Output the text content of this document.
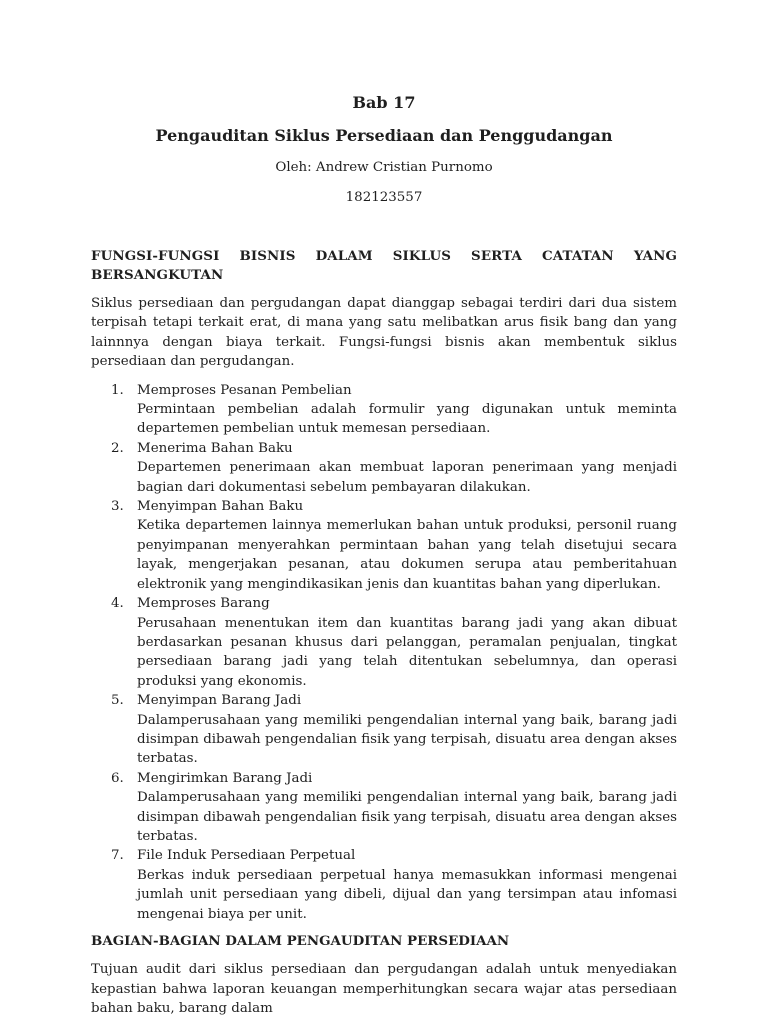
Bab 17
Pengauditan Siklus Persediaan dan Penggudangan
Oleh: Andrew Cristian Purnomo
182123557
FUNGSI-FUNGSI BISNIS DALAM SIKLUS SERTA CATATAN YANG
BERSANGKUTAN

Siklus persediaan dan pergudangan dapat dianggap sebagai terdiri dari dua sistem terpisah tetapi terkait erat, di mana yang satu melibatkan arus fisik bang dan yang lainnnya dengan biaya terkait. Fungsi-fungsi bisnis akan membentuk siklus persediaan dan pergudangan.

1. Memproses Pesanan Pembelian
Permintaan pembelian adalah formulir yang digunakan untuk meminta departemen pembelian untuk memesan persediaan.
2. Menerima Bahan Baku
Departemen penerimaan akan membuat laporan penerimaan yang menjadi bagian dari dokumentasi sebelum pembayaran dilakukan.
3. Menyimpan Bahan Baku
Ketika departemen lainnya memerlukan bahan untuk produksi, personil ruang penyimpanan menyerahkan permintaan bahan yang telah disetujui secara layak, mengerjakan pesanan, atau dokumen serupa atau pemberitahuan elektronik yang mengindikasikan jenis dan kuantitas bahan yang diperlukan.
4. Memproses Barang
Perusahaan menentukan item dan kuantitas barang jadi yang akan dibuat berdasarkan pesanan khusus dari pelanggan, peramalan penjualan, tingkat persediaan barang jadi yang telah ditentukan sebelumnya, dan operasi produksi yang ekonomis.
5. Menyimpan Barang Jadi
Dalamperusahaan yang memiliki pengendalian internal yang baik, barang jadi disimpan dibawah pengendalian fisik yang terpisah, disuatu area dengan akses terbatas.
6. Mengirimkan Barang Jadi
Dalamperusahaan yang memiliki pengendalian internal yang baik, barang jadi disimpan dibawah pengendalian fisik yang terpisah, disuatu area dengan akses terbatas.
7. File Induk Persediaan Perpetual
Berkas induk persediaan perpetual hanya memasukkan informasi mengenai jumlah unit persediaan yang dibeli, dijual dan yang tersimpan atau infomasi mengenai biaya per unit.
BAGIAN-BAGIAN DALAM PENGAUDITAN PERSEDIAAN

Tujuan audit dari siklus persediaan dan pergudangan adalah untuk menyediakan kepastian bahwa laporan keuangan memperhitungkan secara wajar atas persediaan bahan baku, barang dalam
